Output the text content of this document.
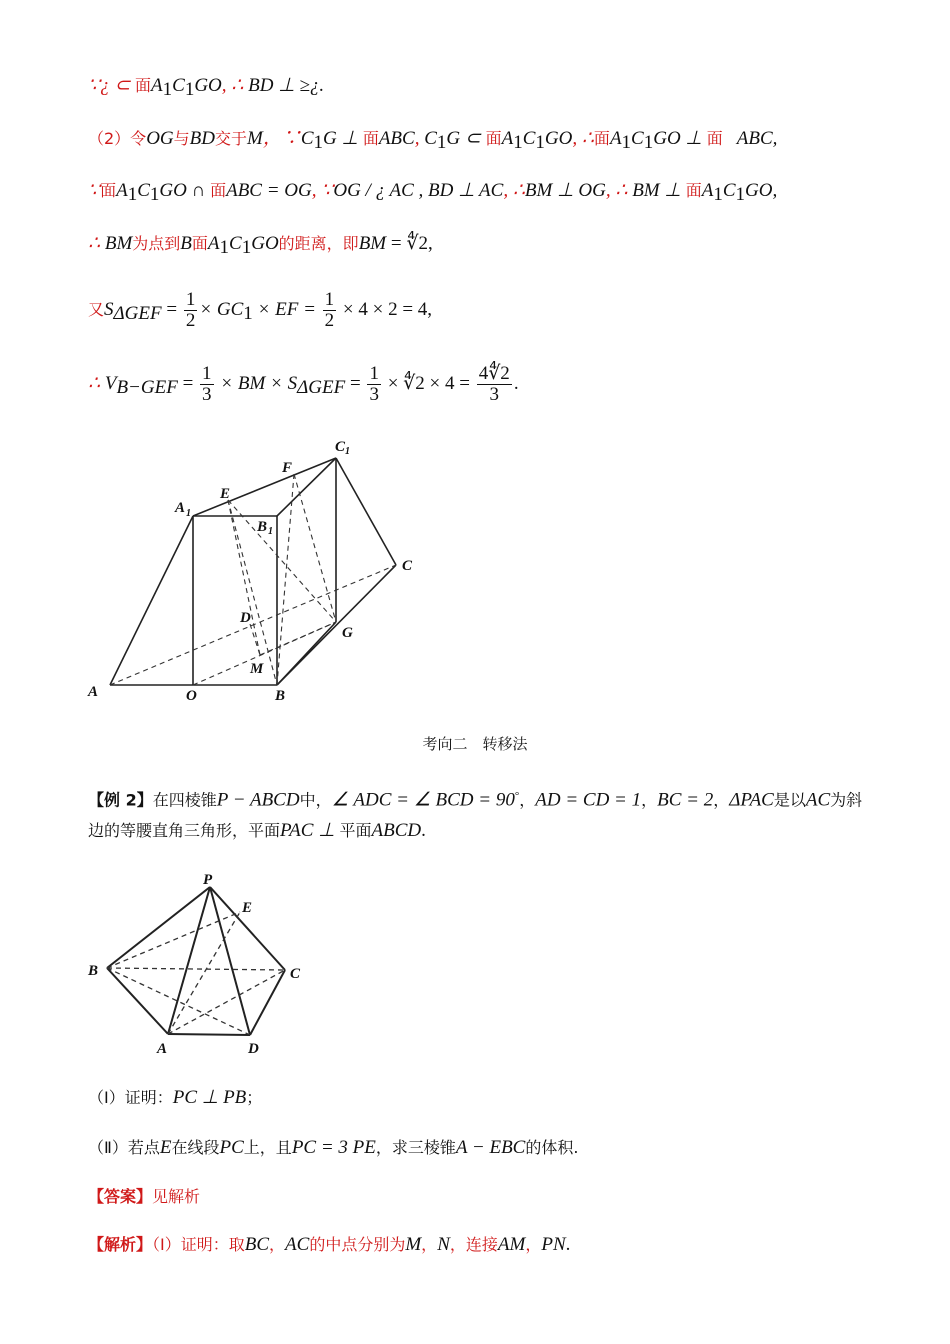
∵¿ ⊂ 面$A_1C_1GO$, ∴ BD ⊥ ≥¿.
（2）令OG与BD交于M，$\because C_1G$ ⊥ 面ABC, $C_1G$ ⊂ 面$A_1C_1GO$, ∴面$A_1C_1GO$ ⊥ 面 ABC,
∵面$A_1C_1GO$ ∩ 面ABC = OG, ∵OG / ¿ AC , BD ⊥ AC, ∴BM ⊥ OG, ∴ BM ⊥ 面$A_1C_1GO$,
∴ BM为点到B面$A_1C_1GO$的距离，即BM = ∜2,
又$S_{\Delta GEF} = \frac{1}{2} \times GC_1$ × EF = $\frac{1}{2} \times 4 \times 2 = 4$,
∴ $V_{B-GEF} = \frac{1}{3}$ × BM × $S_{\Delta GEF} = \frac{1}{3}$ × ∜2 × $4 = \frac{4∜2}{3}$ .
A	O	B
M
D
G
C
A 1
B 1
C 1
E
F
考向二　转移法
【例 2】在四棱锥P − ABCD中，∠ ADC = ∠ BCD = 90°，AD = CD = 1，BC = 2，ΔPAC是以AC为斜
边的等腰直角三角形，平面PAC ⊥ 平面ABCD.
P
E
B	C
A	D
（Ⅰ）证明：PC ⊥ PB；
（Ⅱ）若点E在线段PC上，且PC = 3 PE，求三棱锥A − EBC的体积.
【答案】见解析
【解析】（Ⅰ）证明：取BC，AC的中点分别为M，N，连接AM，PN.
